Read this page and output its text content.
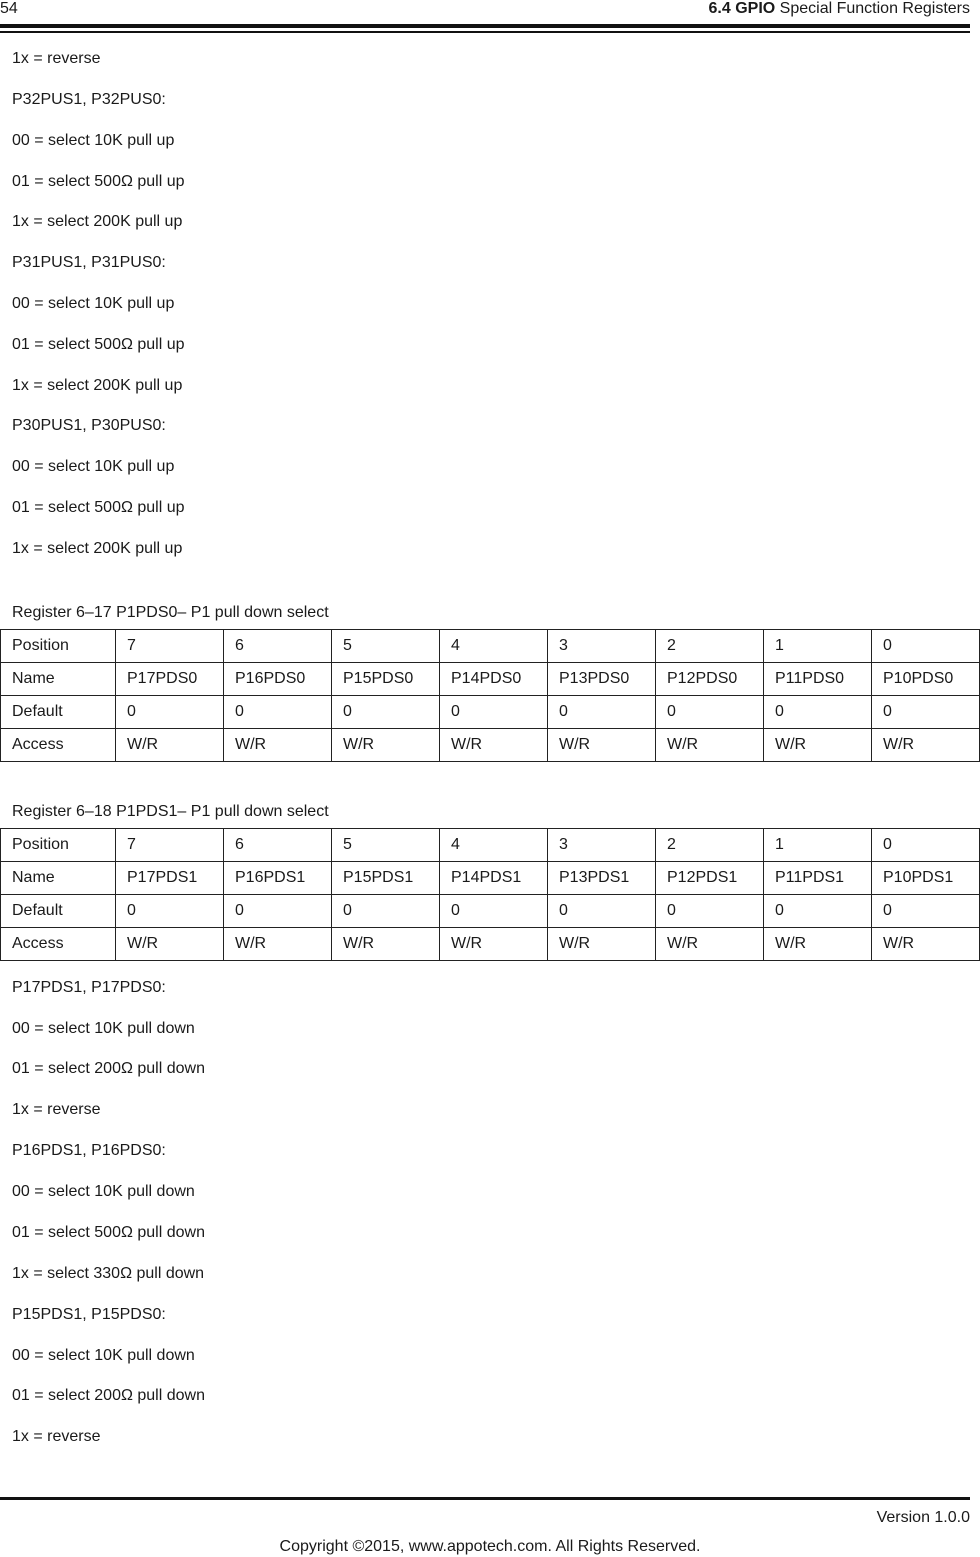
54	6.4 GPIO Special Function Registers
1x = reverse
P32PUS1, P32PUS0:
00 = select 10K pull up
01 = select 500Ω pull up
1x = select 200K pull up
P31PUS1, P31PUS0:
00 = select 10K pull up
01 = select 500Ω pull up
1x = select 200K pull up
P30PUS1, P30PUS0:
00 = select 10K pull up
01 = select 500Ω pull up
1x = select 200K pull up
Register 6–17 P1PDS0– P1 pull down select
Position	7	6	5	4	3	2	1	0
Name	P17PDS0	P16PDS0	P15PDS0	P14PDS0	P13PDS0	P12PDS0	P11PDS0	P10PDS0
Default	0	0	0	0	0	0	0	0
Access	W/R	W/R	W/R	W/R	W/R	W/R	W/R	W/R
Register 6–18 P1PDS1– P1 pull down select
Position	7	6	5	4	3	2	1	0
Name	P17PDS1	P16PDS1	P15PDS1	P14PDS1	P13PDS1	P12PDS1	P11PDS1	P10PDS1
Default	0	0	0	0	0	0	0	0
Access	W/R	W/R	W/R	W/R	W/R	W/R	W/R	W/R
P17PDS1, P17PDS0:
00 = select 10K pull down
01 = select 200Ω pull down
1x = reverse
P16PDS1, P16PDS0:
00 = select 10K pull down
01 = select 500Ω pull down
1x = select 330Ω pull down
P15PDS1, P15PDS0:
00 = select 10K pull down
01 = select 200Ω pull down
1x = reverse
Version 1.0.0
Copyright ©2015, www.appotech.com. All Rights Reserved.
